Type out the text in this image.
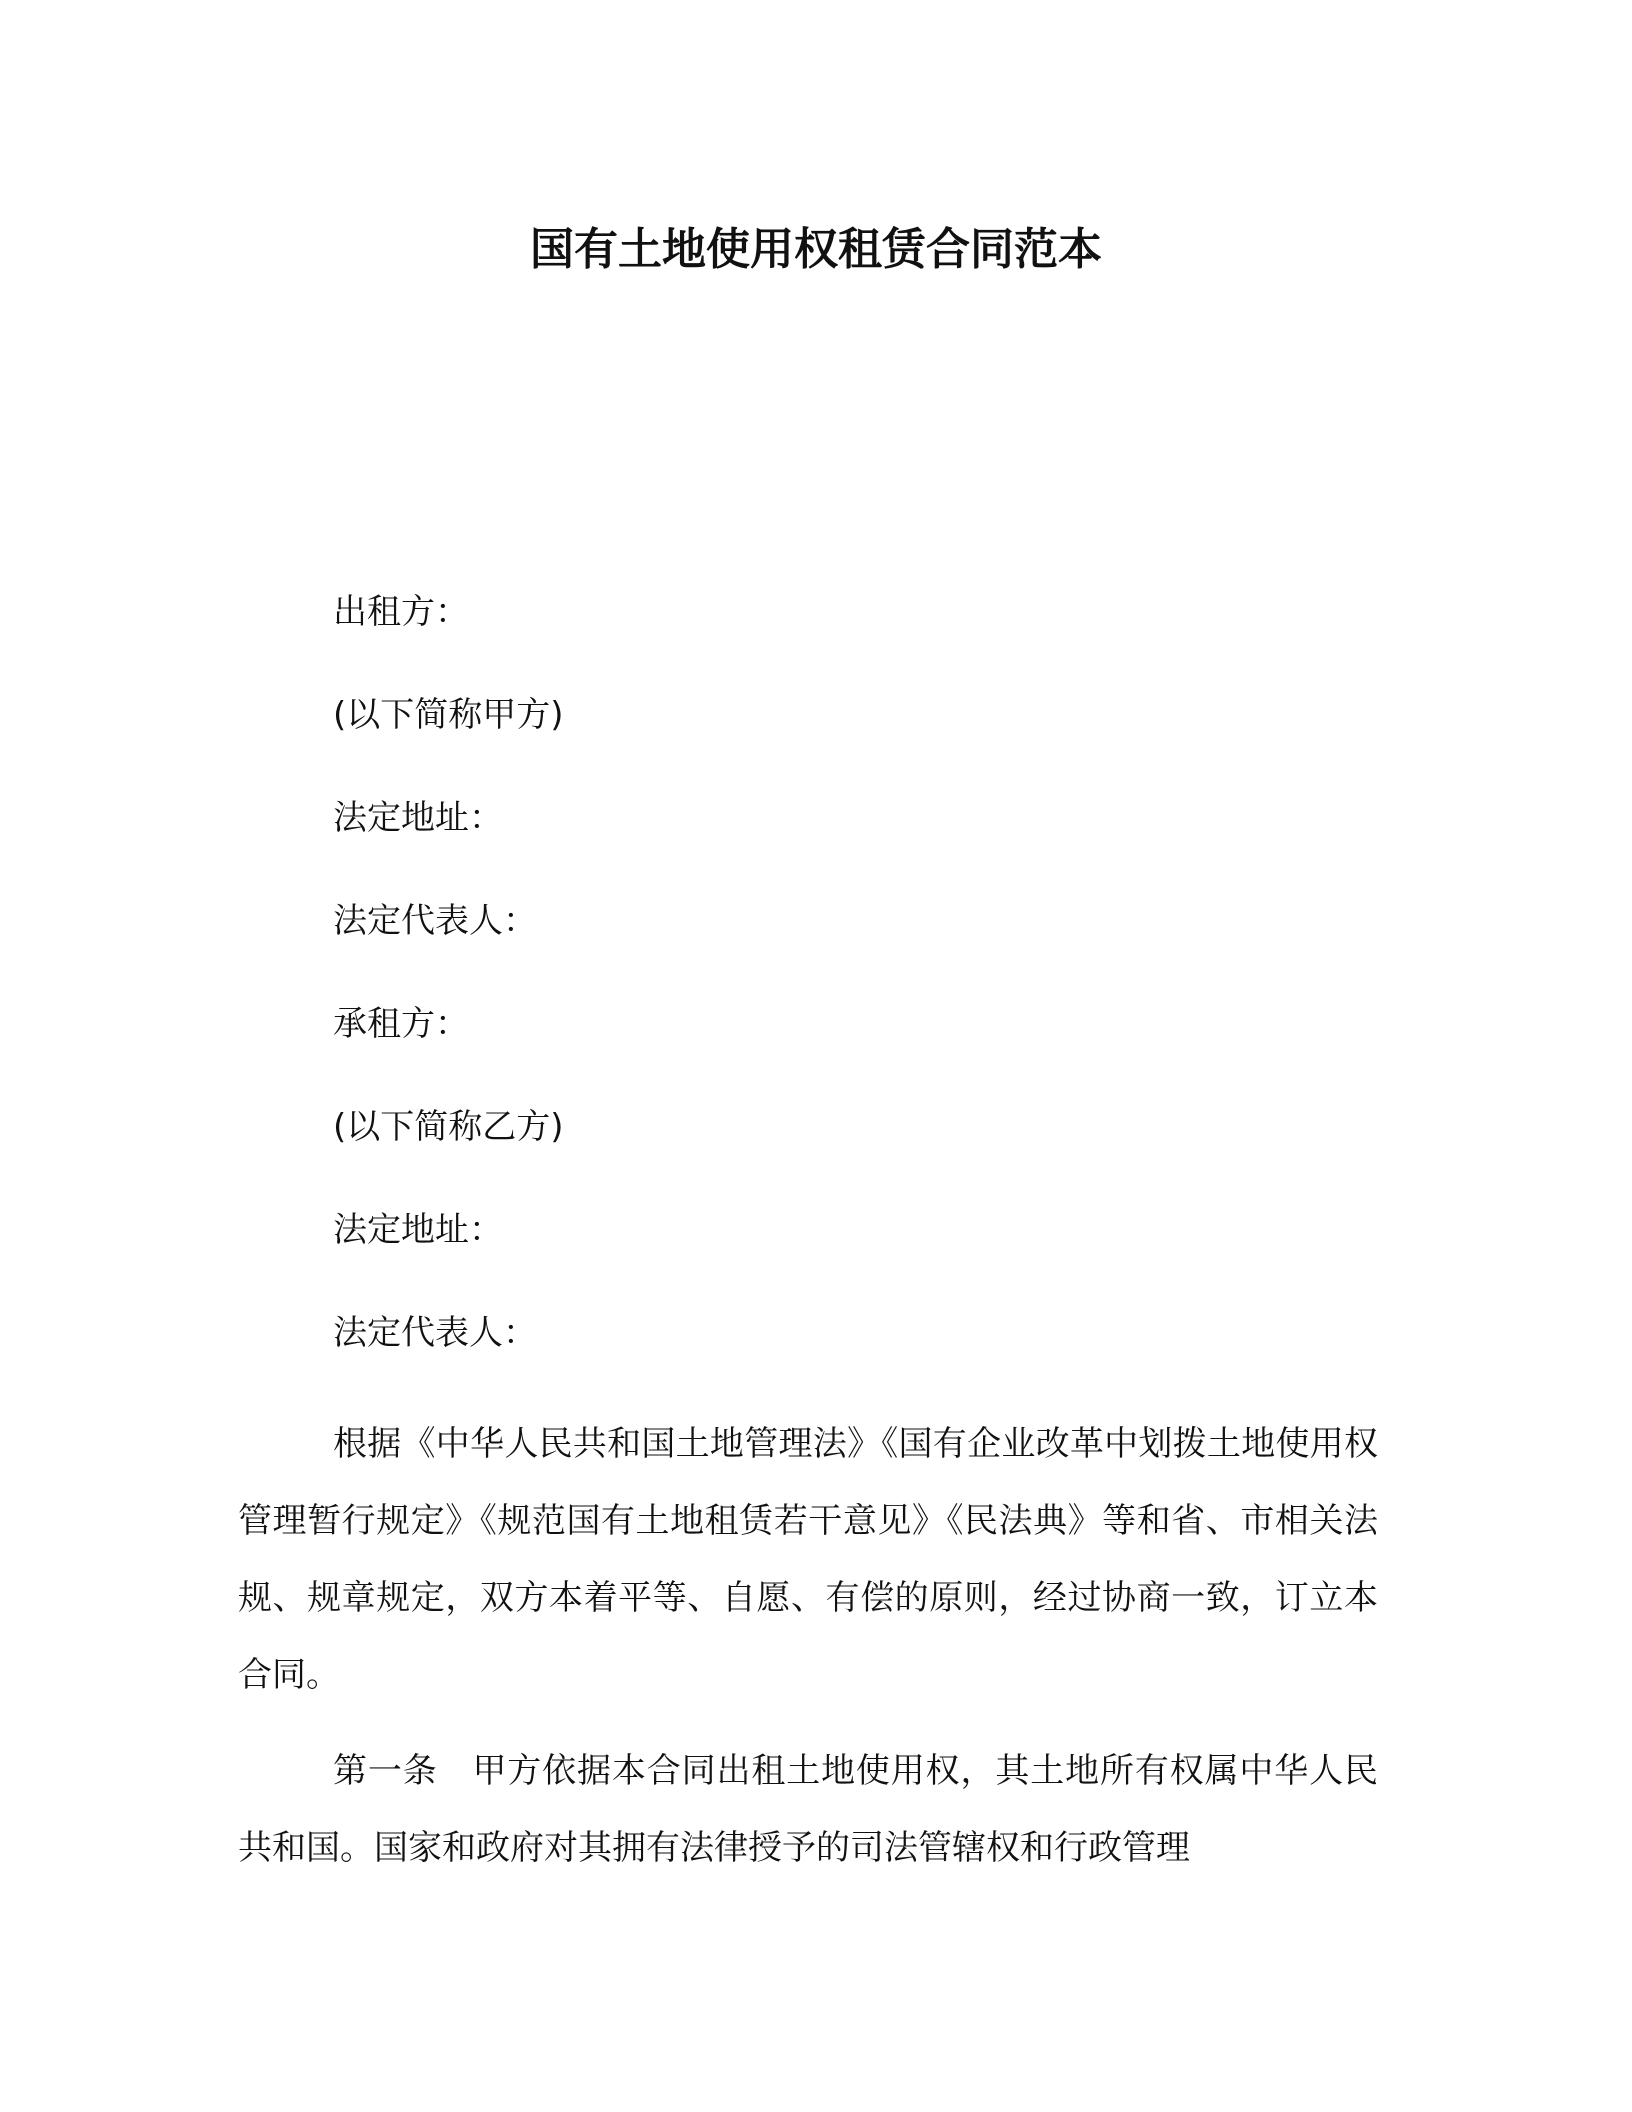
国有土地使用权租赁合同范本
出租方：
(以下简称甲方)
法定地址：
法定代表人：
承租方：
(以下简称乙方)
法定地址：
法定代表人：

根据《中华人民共和国土地管理法》《国有企业改革中划拨土地使用权管理暂行规定》《规范国有土地租赁若干意见》《民法典》等和省、市相关法规、规章规定，双方本着平等、自愿、有偿的原则，经过协商一致，订立本合同。

第一条　甲方依据本合同出租土地使用权，其土地所有权属中华人民共和国。国家和政府对其拥有法律授予的司法管辖权和行政管理
